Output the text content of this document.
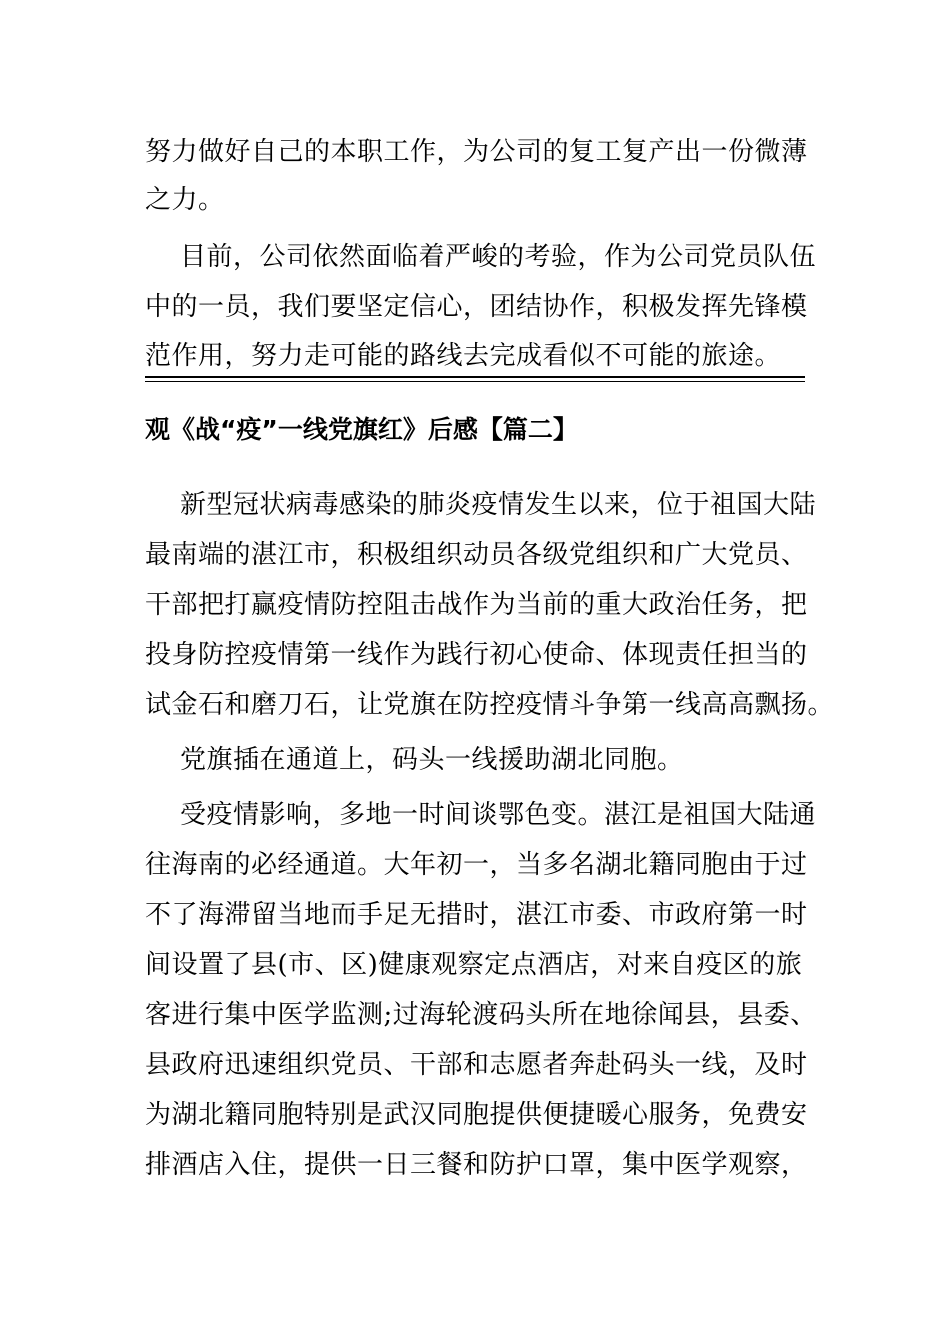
努力做好自己的本职工作，为公司的复工复产出一份微薄
之力。
目前，公司依然面临着严峻的考验，作为公司党员队伍
中的一员，我们要坚定信心，团结协作，积极发挥先锋模
范作用，努力走可能的路线去完成看似不可能的旅途。
观《战“疫”一线党旗红》后感【篇二】
新型冠状病毒感染的肺炎疫情发生以来，位于祖国大陆
最南端的湛江市，积极组织动员各级党组织和广大党员、
干部把打赢疫情防控阻击战作为当前的重大政治任务，把
投身防控疫情第一线作为践行初心使命、体现责任担当的
试金石和磨刀石，让党旗在防控疫情斗争第一线高高飘扬。
党旗插在通道上，码头一线援助湖北同胞。
受疫情影响，多地一时间谈鄂色变。湛江是祖国大陆通
往海南的必经通道。大年初一，当多名湖北籍同胞由于过
不了海滞留当地而手足无措时，湛江市委、市政府第一时
间设置了县(市、区)健康观察定点酒店，对来自疫区的旅
客进行集中医学监测;过海轮渡码头所在地徐闻县，县委、
县政府迅速组织党员、干部和志愿者奔赴码头一线，及时
为湖北籍同胞特别是武汉同胞提供便捷暖心服务，免费安
排酒店入住，提供一日三餐和防护口罩，集中医学观察，
